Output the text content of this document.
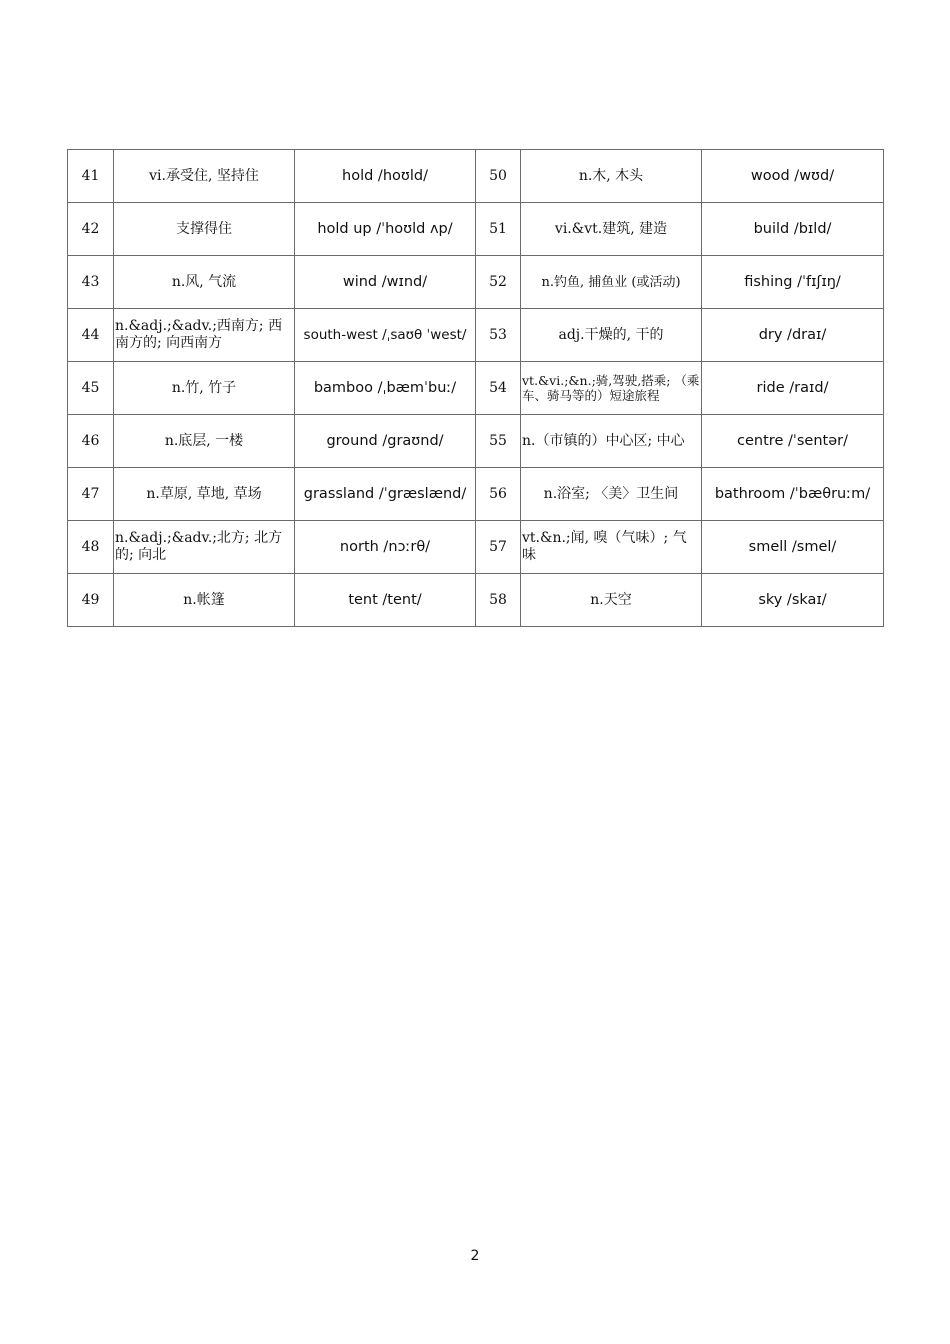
41	vi.承受住, 坚持住	hold /hoʊld/	50	n.木, 木头	wood /wʊd/
42	支撑得住	hold up /ˈhoʊld ʌp/	51	vi.&vt.建筑, 建造	build /bɪld/
43	n.风, 气流	wind /wɪnd/	52	n.钓鱼, 捕鱼业 (或活动)	fishing /ˈfɪʃɪŋ/
44	n.&adj.;&adv.;西南方; 西南方的; 向西南方	south-west /ˌsaʊθ ˈwest/	53	adj.干燥的, 干的	dry /draɪ/
45	n.竹, 竹子	bamboo /ˌbæmˈbuː/	54	vt.&vi.;&n.;骑,驾驶,搭乘; （乘车、骑马等的）短途旅程	ride /raɪd/
46	n.底层, 一楼	ground /graʊnd/	55	n.（市镇的）中心区; 中心	centre /ˈsentər/
47	n.草原, 草地, 草场	grassland /ˈgræslænd/	56	n.浴室; 〈美〉卫生间	bathroom /ˈbæθruːm/
48	n.&adj.;&adv.;北方; 北方的; 向北	north /nɔːrθ/	57	vt.&n.;闻, 嗅（气味）; 气味	smell /smel/
49	n.帐篷	tent /tent/	58	n.天空	sky /skaɪ/
2
